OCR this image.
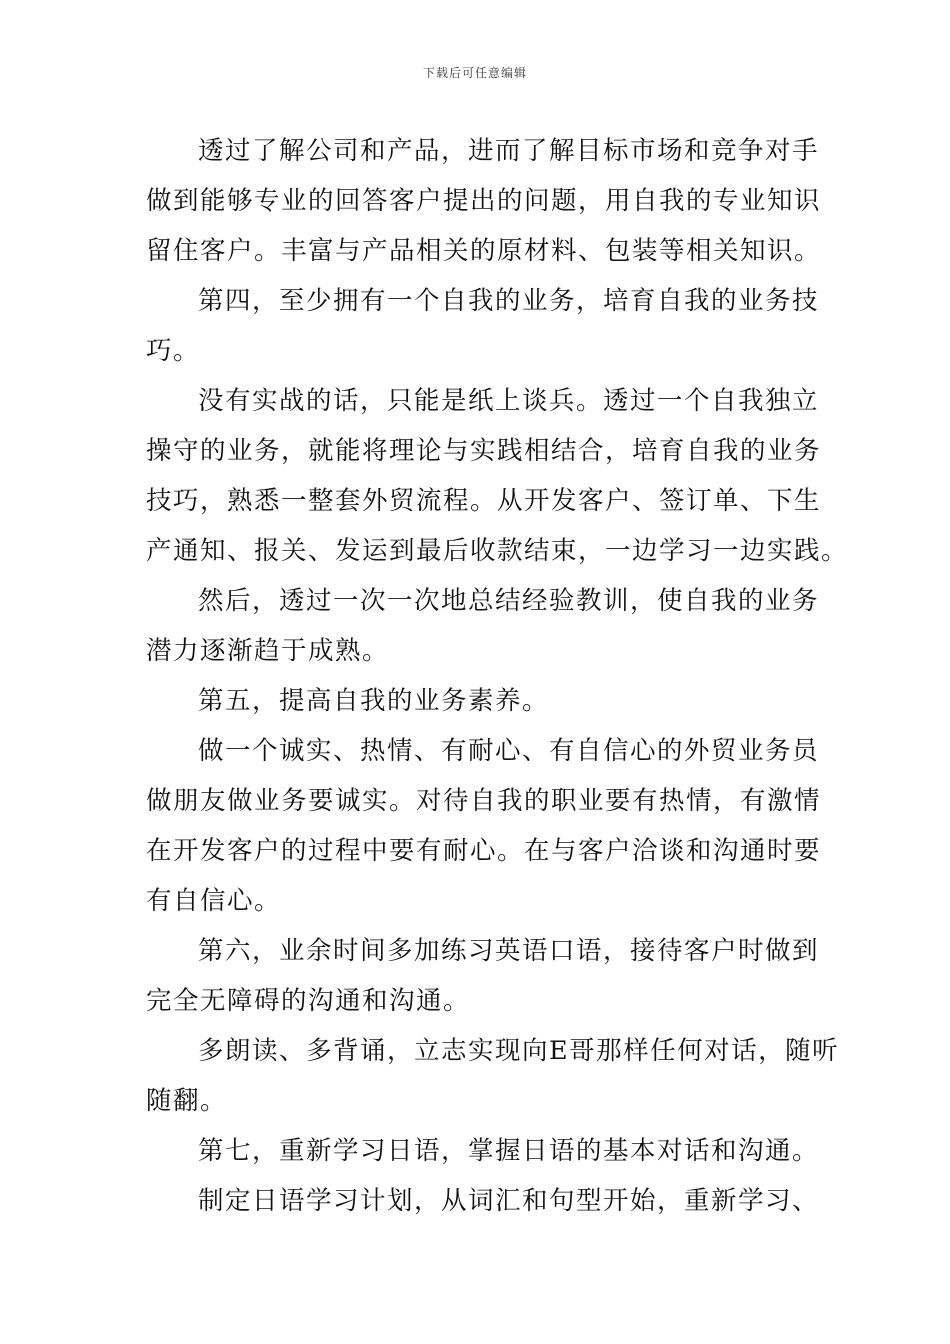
下载后可任意编辑
透过了解公司和产品，进而了解目标市场和竞争对手
做到能够专业的回答客户提出的问题，用自我的专业知识
留住客户。丰富与产品相关的原材料、包装等相关知识。
第四，至少拥有一个自我的业务，培育自我的业务技
巧。
没有实战的话，只能是纸上谈兵。透过一个自我独立
操守的业务，就能将理论与实践相结合，培育自我的业务
技巧，熟悉一整套外贸流程。从开发客户、签订单、下生
产通知、报关、发运到最后收款结束，一边学习一边实践。
然后，透过一次一次地总结经验教训，使自我的业务
潜力逐渐趋于成熟。
第五，提高自我的业务素养。
做一个诚实、热情、有耐心、有自信心的外贸业务员
做朋友做业务要诚实。对待自我的职业要有热情，有激情
在开发客户的过程中要有耐心。在与客户洽谈和沟通时要
有自信心。
第六，业余时间多加练习英语口语，接待客户时做到
完全无障碍的沟通和沟通。
多朗读、多背诵，立志实现向E哥那样任何对话，随听
随翻。
第七，重新学习日语，掌握日语的基本对话和沟通。
制定日语学习计划，从词汇和句型开始，重新学习、
